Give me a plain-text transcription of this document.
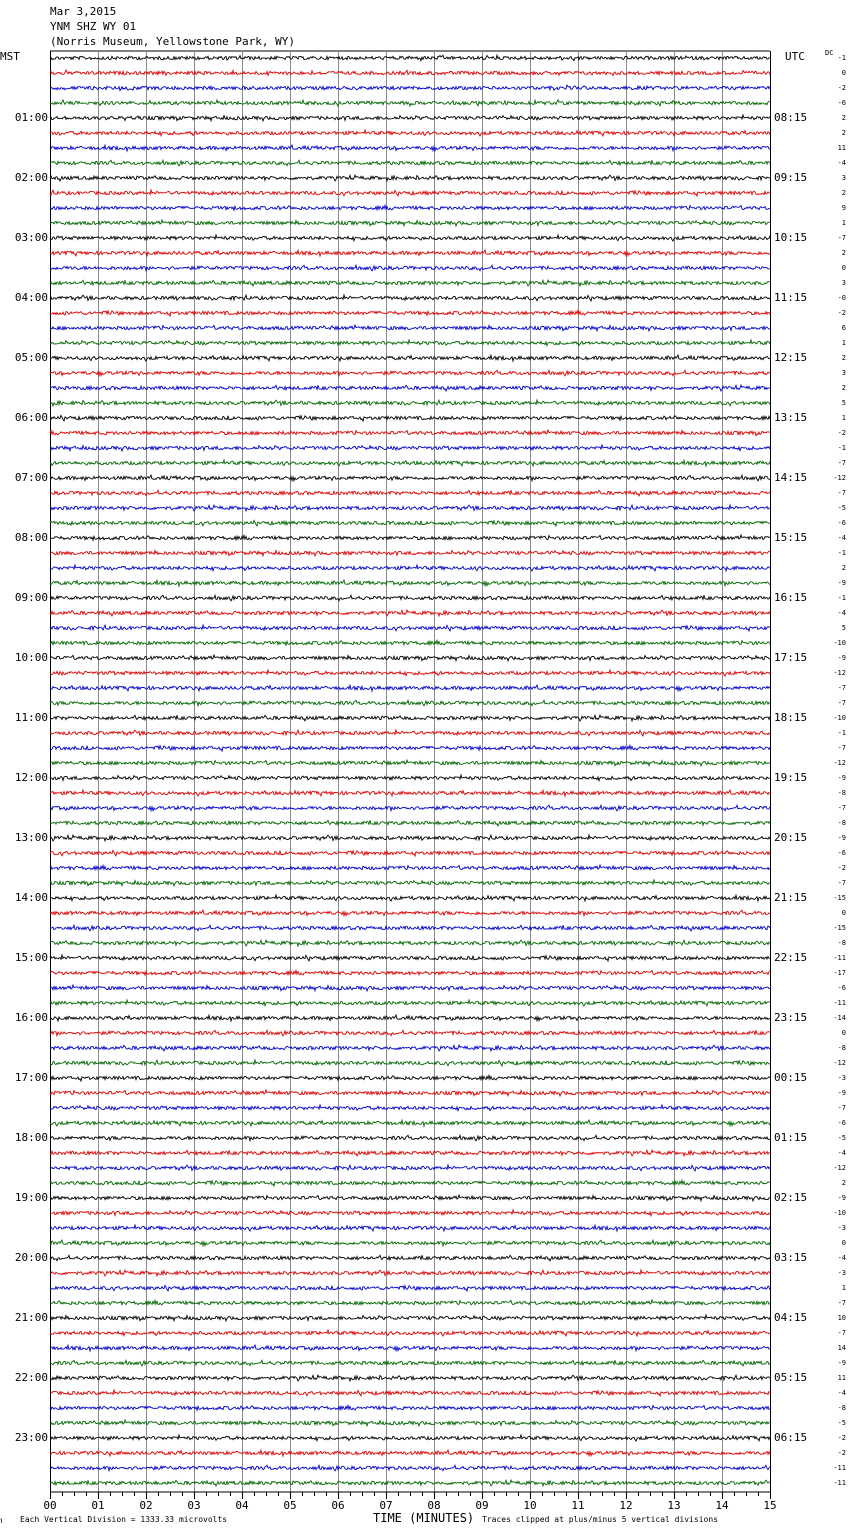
Mar 3,2015
YNM SHZ WY 01
(Norris Museum, Yellowstone Park, WY)
MST	UTC	DC
01:00
02:00
03:00
04:00
05:00
06:00
07:00
08:00
09:00
10:00
11:00
12:00
13:00
14:00
15:00
16:00
17:00
18:00
19:00
20:00
21:00
22:00
23:00
08:15
09:15
10:15
11:15
12:15
13:15
14:15
15:15
16:15
17:15
18:15
19:15
20:15
21:15
22:15
23:15
00:15
01:15
02:15
03:15
04:15
05:15
06:15
-1
0
-2
-6
2
2
11
-4
3
2
9
1
-7
2
0
3
-0
-2
6
1
2
3
2
5
1
-2
-1
-7
-12
-7
-5
-6
-4
-1
2
-9
-1
-4
5
-10
-9
-12
-7
-7
-10
-1
-7
-12
-9
-8
-7
-8
-9
-6
-2
-7
-15
0
-15
-8
-11
-17
-6
-11
-14
0
-8
-12
-3
-9
-7
-6
-5
-4
-12
2
-9
-10
-3
0
-4
-3
1
-7
10
-7
14
-9
11
-4
-8
-5
-2
-2
-11
-11
00	01	02	03	04	05	06	07	08	09	10	11	12	13	14	15
℩ Each Vertical Division = 1333.33 microvolts	TIME (MINUTES) Traces clipped at plus/minus 5 vertical divisions
